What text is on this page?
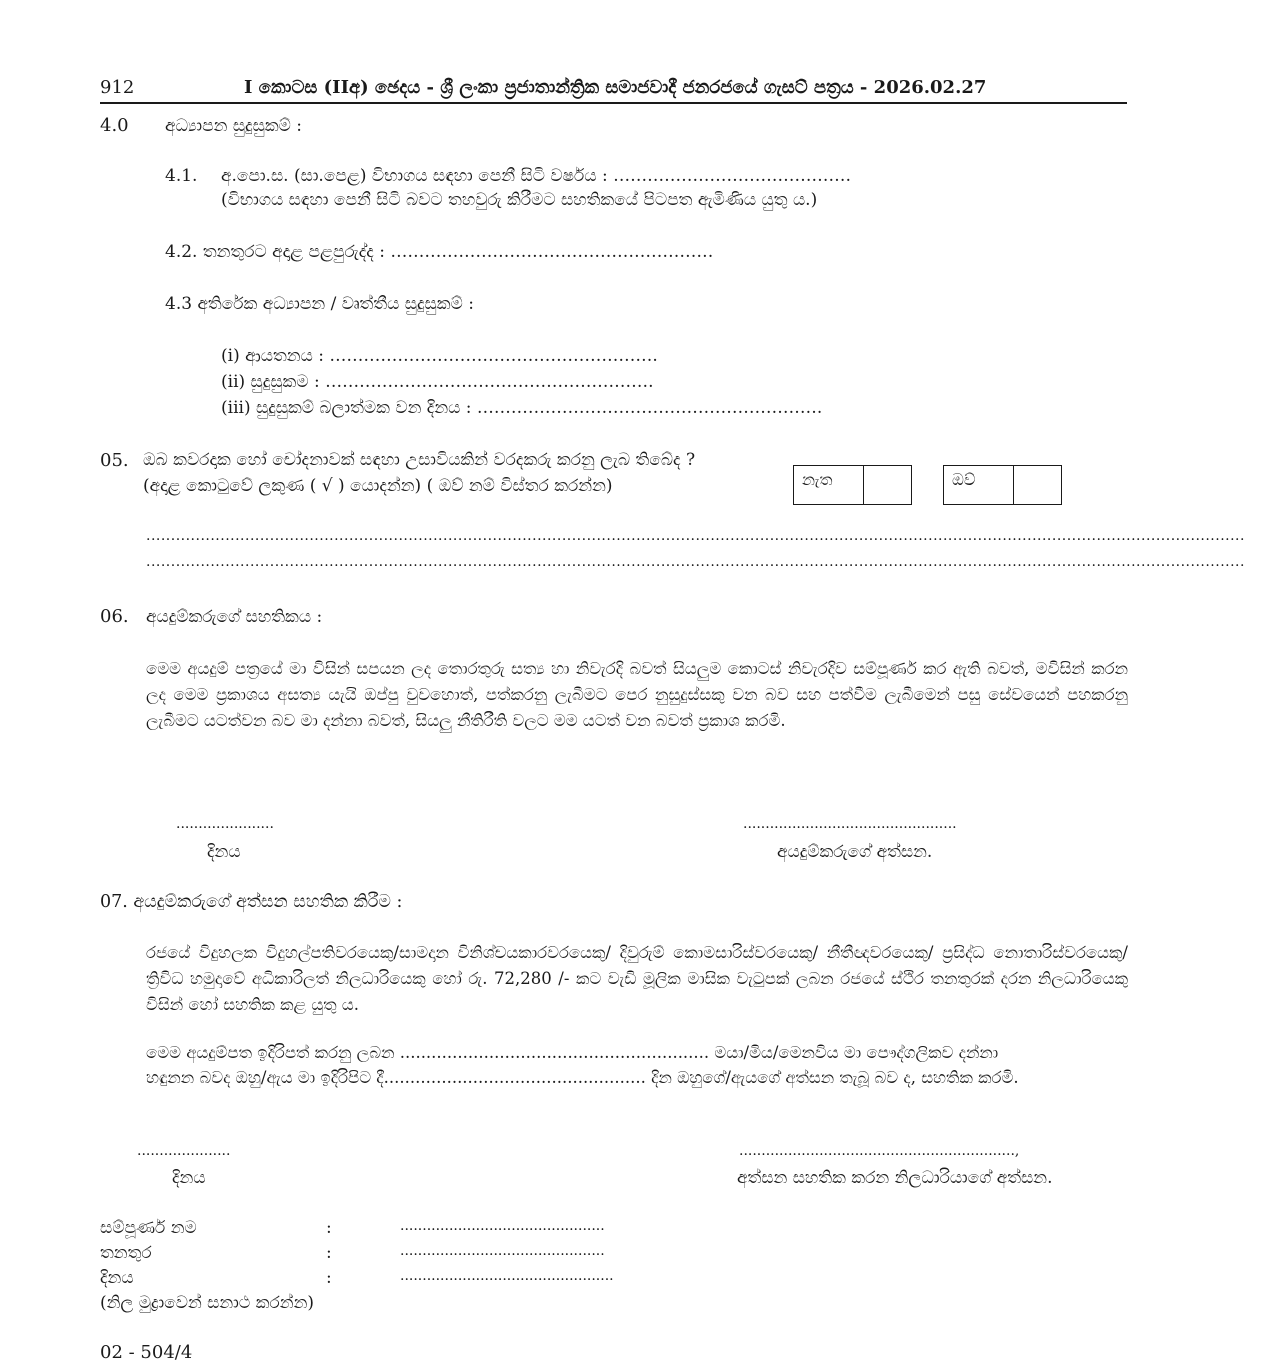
912	I කොටස (IIඅ) ඡෙදය - ශ්‍රී ලංකා ප්‍රජාතාන්ත්‍රික සමාජවාදී ජනරජයේ ගැසට් පත්‍රය - 2026.02.27
4.0 අධ්‍යාපන සුදුසුකම් :
4.1. අ.පො.ස. (සා.පෙළ) විභාගය සඳහා පෙනී සිටි වර්ෂය : ……………………………………
(විභාගය සඳහා පෙනී සිටි බවට තහවුරු කිරීමට සහතිකයේ පිටපත ඇමිණිය යුතු ය.)
4.2. තනතුරට අදාළ පළපුරුද්ද : …………………………………………………
4.3 අතිරේක අධ්‍යාපන / වෘත්තීය සුදුසුකම් :
(i) ආයතනය : ………………………………………………….
(ii) සුදුසුකම : ………………………………………………….
(iii) සුදුසුකම් බලාත්මක වන දිනය : …………………………………………………….
05. ඔබ කවරදාක හෝ චෝදනාවක් සඳහා උසාවියකින් වරදකරු කරනු ලැබ තිබේද ?
(අදාළ කොටුවේ ලකුණ ( √ ) යොදන්න) ( ඔව් නම් විස්තර කරන්න)	නැත	ඔව්
..............................................................................................................................................................................................................................
..............................................................................................................................................................................................................................
06. අයදුම්කරුගේ සහතිකය :
මෙම අයදුම් පත්‍රයේ මා විසින් සපයන ලද තොරතුරු සත්‍ය හා නිවැරදි බවත් සියලුම කොටස් නිවැරදිව සම්පූර්ණ කර ඇති බවත්, මවිසින් කරන ලද මෙම ප්‍රකාශය අසත්‍ය යැයි ඔප්පු වුවහොත්, පත්කරනු ලැබීමට පෙර නුසුදුස්සකු වන බව සහ පත්වීම ලැබීමෙන් පසු සේවයෙන් පහකරනු ලැබීමට යටත්වන බව මා දන්නා බවත්, සියලු නීතිරීති වලට මම යටත් වන බවත් ප්‍රකාශ කරමි.
......................
දිනය
................................................
අයදුම්කරුගේ අත්සන.
07. අයදුම්කරුගේ අත්සන සහතික කිරීම :
රජයේ විදුහලක විදුහල්පතිවරයෙකු/සාමදාන විනිශ්චයකාරවරයෙකු/ දිවුරුම් කොමසාරිස්වරයෙකු/ නීතීඥවරයෙකු/ ප්‍රසිද්ධ නොතාරිස්වරයෙකු/ ත්‍රිවිධ හමුදාවේ අධිකාරිලත් නිලධාරියෙකු හෝ රු. 72,280 /- කට වැඩි මූලික මාසික වැටුපක් ලබන රජයේ ස්ථිර තනතුරක් දරන නිලධාරියෙකු විසින් හෝ සහතික කළ යුතු ය.
මෙම අයදුම්පත ඉදිරිපත් කරනු ලබන ........................................................... මයා/මිය/මෙනවිය මා පෞද්ගලිකව දන්නා
හඳුනන බවද ඔහු/ඇය මා ඉදිරිපිට දී.................................................. දින ඔහුගේ/ඇයගේ අත්සන තැබූ බව ද, සහතික කරමි.
.....................
දිනය
..............................................................,
අත්සන සහතික කරන නිලධාරියාගේ අත්සන.
සම්පූර්ණ නම	:	..............................................
තනතුර	:	..............................................
දිනය	:	................................................
(නිල මුද්‍රාවෙන් සනාථ කරන්න)
02 - 504/4
